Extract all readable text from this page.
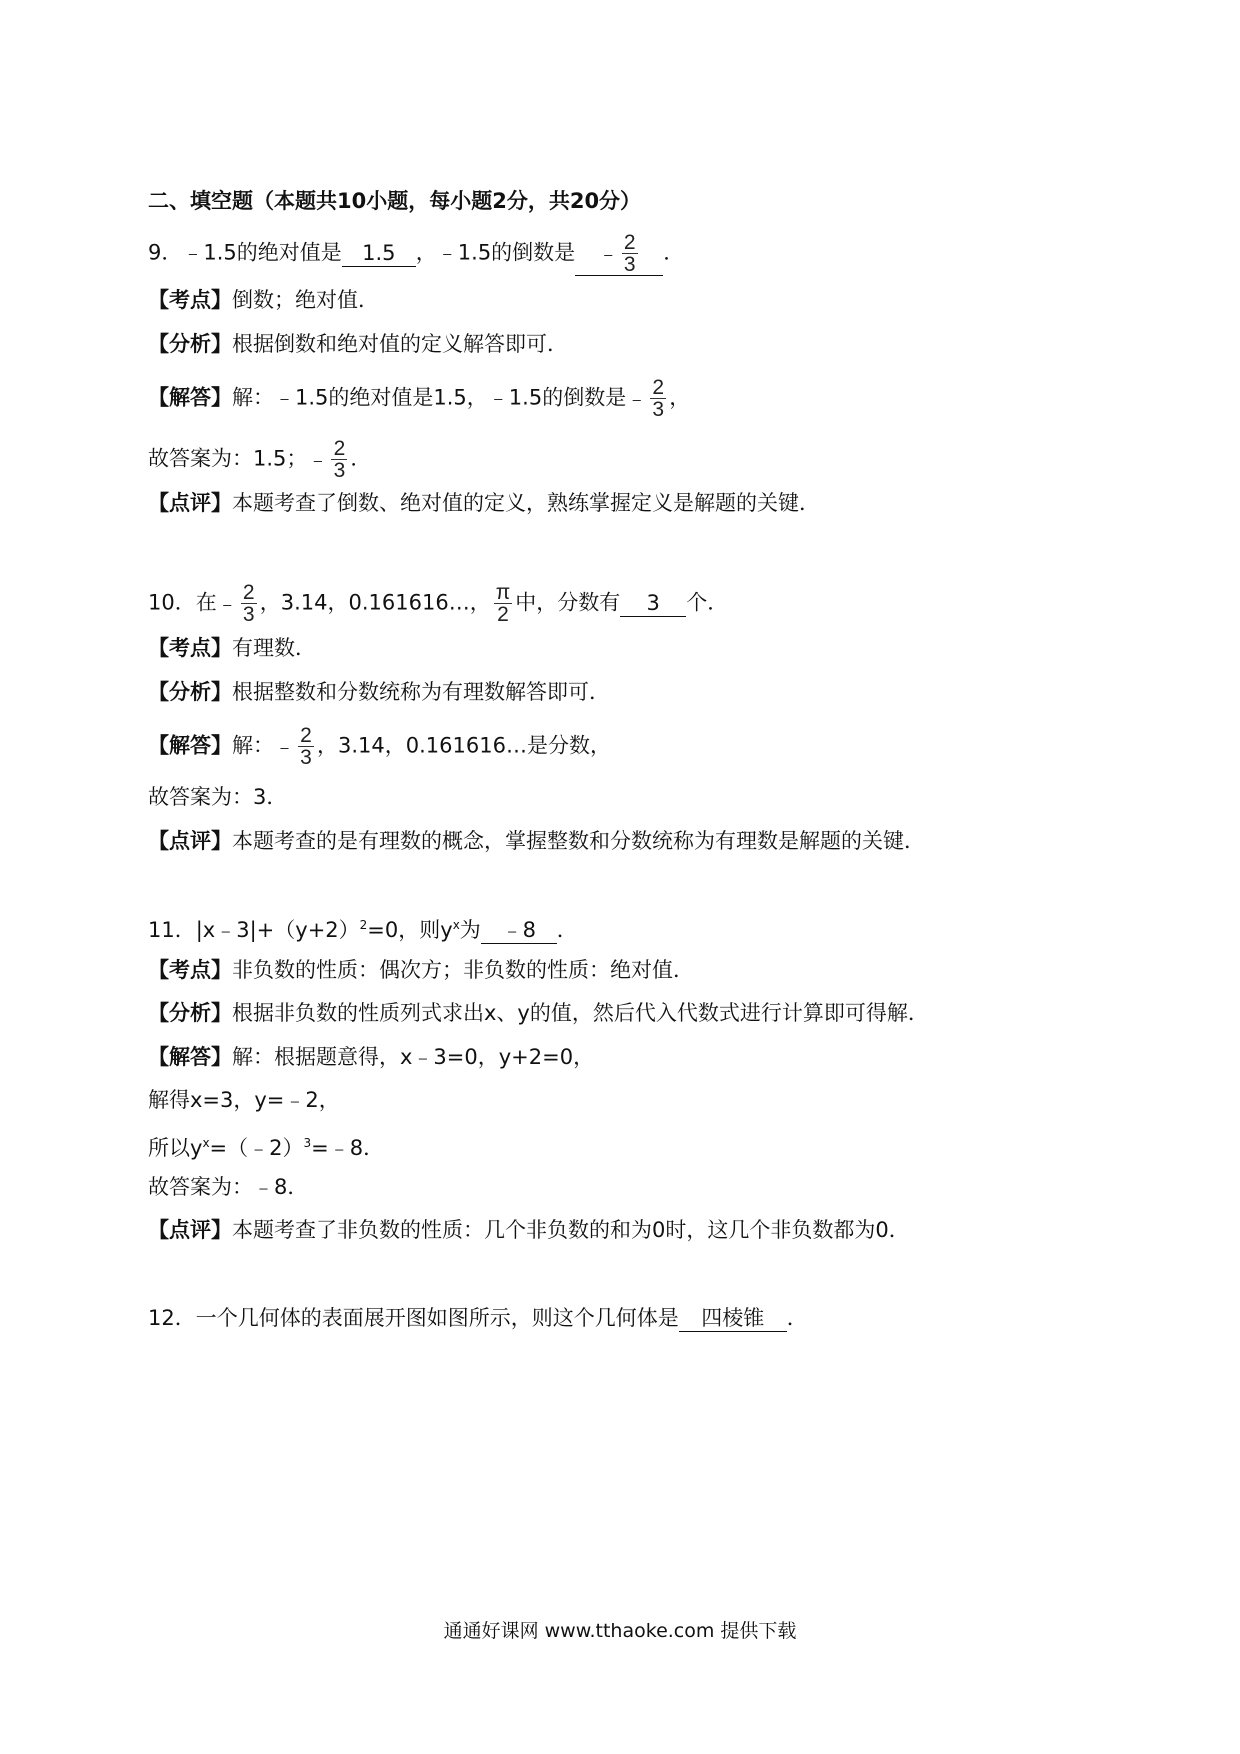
二、填空题（本题共10小题，每小题2分，共20分）
9．﹣1.5的绝对值是 1.5 ，﹣1.5的倒数是 ﹣ $\frac{2}{3}$ ．
【考点】倒数；绝对值．
【分析】根据倒数和绝对值的定义解答即可．
【解答】解：﹣1.5的绝对值是1.5，﹣1.5的倒数是﹣ $\frac{2}{3}$ ，
故答案为：1.5；﹣ $\frac{2}{3}$ ．
【点评】本题考查了倒数、绝对值的定义，熟练掌握定义是解题的关键．
10．在﹣ $\frac{2}{3}$ ，3.14，0.161616…， $\frac{\pi}{2}$ 中，分数有 3 个．
【考点】有理数．
【分析】根据整数和分数统称为有理数解答即可．
【解答】解：﹣ $\frac{2}{3}$ ，3.14，0.161616…是分数，
故答案为：3．
【点评】本题考查的是有理数的概念，掌握整数和分数统称为有理数是解题的关键．
11．$|x﹣3|+(y+2)^2=0$，则$y^x$为 ﹣8 ．
【考点】非负数的性质：偶次方；非负数的性质：绝对值．
【分析】根据非负数的性质列式求出x、y的值，然后代入代数式进行计算即可得解．
【解答】解：根据题意得，x﹣3=0，y+2=0，
解得x=3，y=﹣2，
所以$y^x=(﹣2)^3=﹣8$．
故答案为：﹣8．
【点评】本题考查了非负数的性质：几个非负数的和为0时，这几个非负数都为0．
12．一个几何体的表面展开图如图所示，则这个几何体是 四棱锥 ．
通通好课网 www.tthaoke.com 提供下载
